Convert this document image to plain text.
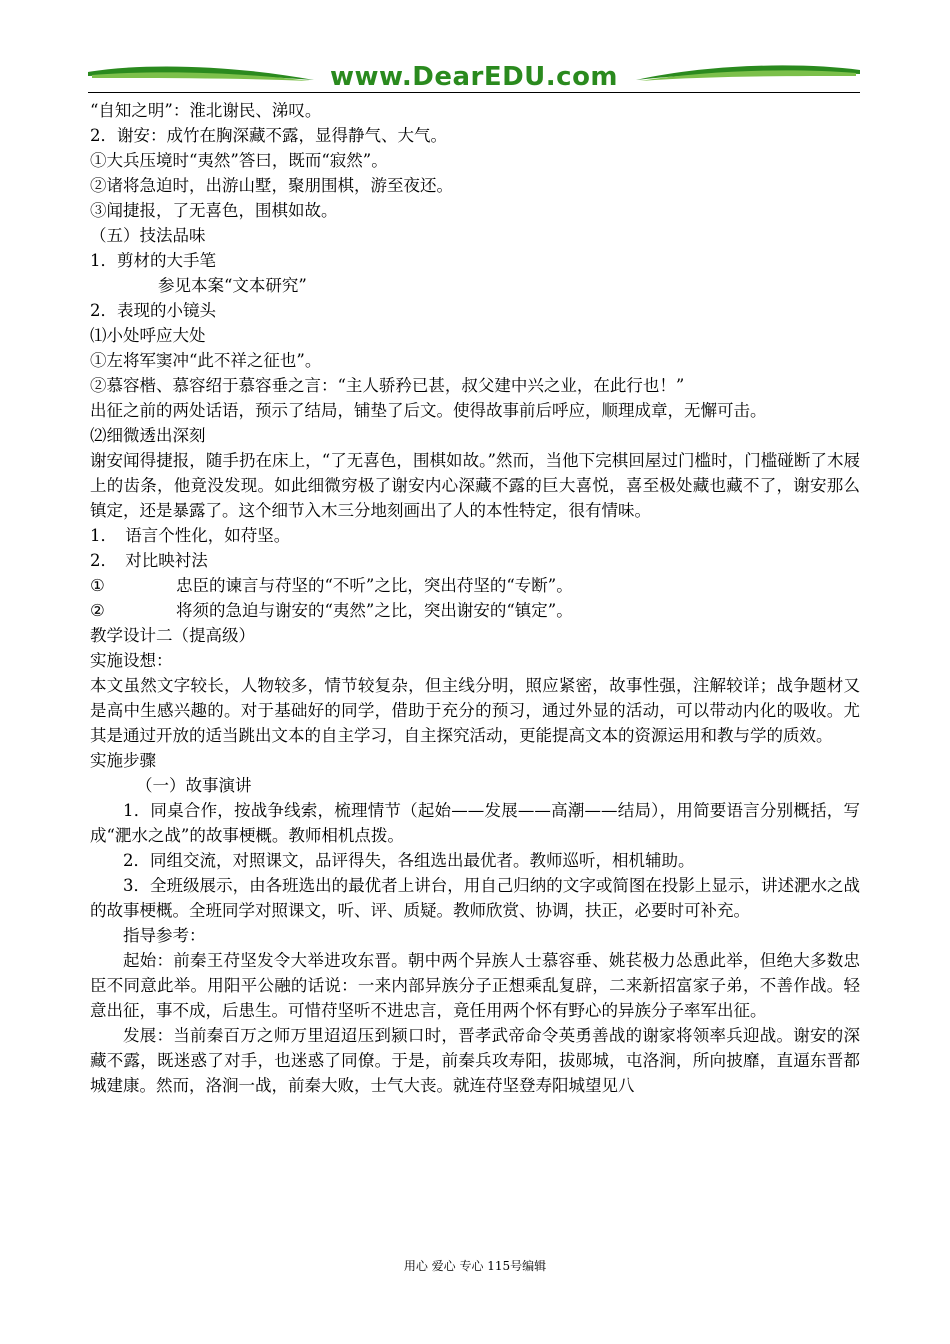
www.DearEDU.com

“自知之明”：淮北谢民、涕叹。

2．谢安：成竹在胸深藏不露，显得静气、大气。

①大兵压境时“夷然”答曰，既而“寂然”。

②诸将急迫时，出游山墅，聚朋围棋，游至夜还。

③闻捷报，了无喜色，围棋如故。

（五）技法品味

1．剪材的大手笔

参见本案“文本研究”

2．表现的小镜头

⑴小处呼应大处

①左将军窦冲“此不祥之征也”。

②慕容楷、慕容绍于慕容垂之言：“主人骄矜已甚，叔父建中兴之业，在此行也！”

出征之前的两处话语，预示了结局，铺垫了后文。使得故事前后呼应，顺理成章，无懈可击。

⑵细微透出深刻

谢安闻得捷报，随手扔在床上，“了无喜色，围棋如故。”然而，当他下完棋回屋过门槛时，门槛碰断了木屐上的齿条，他竟没发现。如此细微穷极了谢安内心深藏不露的巨大喜悦，喜至极处藏也藏不了，谢安那么镇定，还是暴露了。这个细节入木三分地刻画出了人的本性特定，很有情味。

1．　语言个性化，如苻坚。

2．　对比映衬法

①	忠臣的谏言与苻坚的“不听”之比，突出苻坚的“专断”。

②	将须的急迫与谢安的“夷然”之比，突出谢安的“镇定”。

教学设计二（提高级）

实施设想：

本文虽然文字较长，人物较多，情节较复杂，但主线分明，照应紧密，故事性强，注解较详；战争题材又是高中生感兴趣的。对于基础好的同学，借助于充分的预习，通过外显的活动，可以带动内化的吸收。尤其是通过开放的适当跳出文本的自主学习，自主探究活动，更能提高文本的资源运用和教与学的质效。

实施步骤

（一）故事演讲

1．同桌合作，按战争线索，梳理情节（起始——发展——高潮——结局），用简要语言分别概括，写成“淝水之战”的故事梗概。教师相机点拨。

2．同组交流，对照课文，品评得失，各组选出最优者。教师巡听，相机辅助。

3．全班级展示，由各班选出的最优者上讲台，用自己归纳的文字或简图在投影上显示，讲述淝水之战的故事梗概。全班同学对照课文，听、评、质疑。教师欣赏、协调，扶正，必要时可补充。

指导参考：

起始：前秦王苻坚发令大举进攻东晋。朝中两个异族人士慕容垂、姚苌极力怂恿此举，但绝大多数忠臣不同意此举。用阳平公融的话说：一来内部异族分子正想乘乱复辟，二来新招富家子弟，不善作战。轻意出征，事不成，后患生。可惜苻坚听不进忠言，竟任用两个怀有野心的异族分子率军出征。

发展：当前秦百万之师万里迢迢压到颍口时，晋孝武帝命令英勇善战的谢家将领率兵迎战。谢安的深藏不露，既迷惑了对手，也迷惑了同僚。于是，前秦兵攻寿阳，拔郧城，屯洛涧，所向披靡，直逼东晋都城建康。然而，洛涧一战，前秦大败，士气大丧。就连苻坚登寿阳城望见八

用心 爱心 专心 115号编辑
